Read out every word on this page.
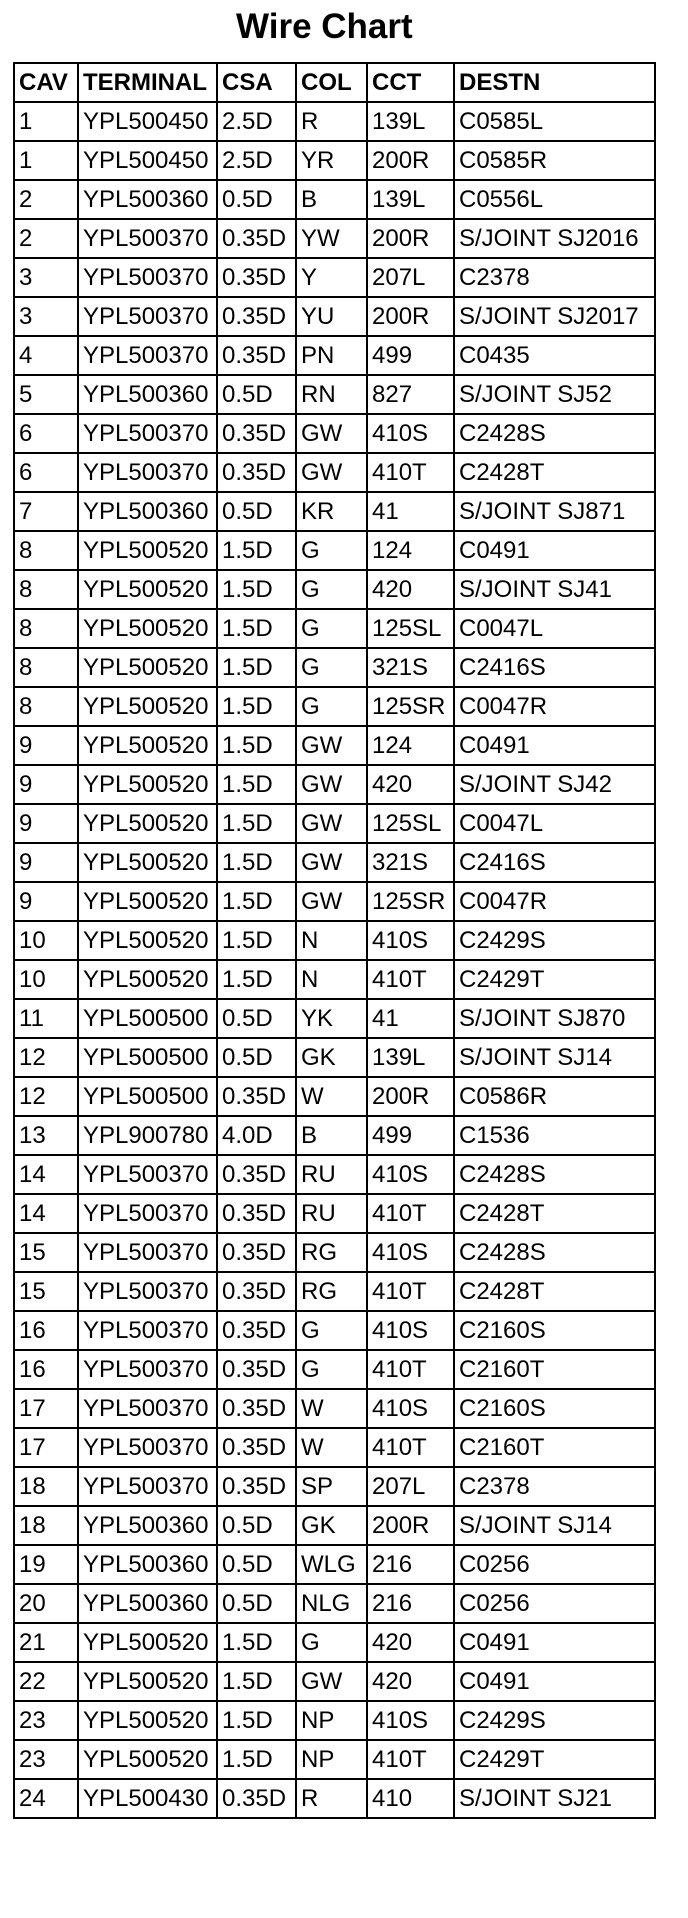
Wire Chart
CAV	TERMINAL	CSA	COL	CCT	DESTN
1	YPL500450	2.5D	R	139L	C0585L
1	YPL500450	2.5D	YR	200R	C0585R
2	YPL500360	0.5D	B	139L	C0556L
2	YPL500370	0.35D	YW	200R	S/JOINT SJ2016
3	YPL500370	0.35D	Y	207L	C2378
3	YPL500370	0.35D	YU	200R	S/JOINT SJ2017
4	YPL500370	0.35D	PN	499	C0435
5	YPL500360	0.5D	RN	827	S/JOINT SJ52
6	YPL500370	0.35D	GW	410S	C2428S
6	YPL500370	0.35D	GW	410T	C2428T
7	YPL500360	0.5D	KR	41	S/JOINT SJ871
8	YPL500520	1.5D	G	124	C0491
8	YPL500520	1.5D	G	420	S/JOINT SJ41
8	YPL500520	1.5D	G	125SL	C0047L
8	YPL500520	1.5D	G	321S	C2416S
8	YPL500520	1.5D	G	125SR	C0047R
9	YPL500520	1.5D	GW	124	C0491
9	YPL500520	1.5D	GW	420	S/JOINT SJ42
9	YPL500520	1.5D	GW	125SL	C0047L
9	YPL500520	1.5D	GW	321S	C2416S
9	YPL500520	1.5D	GW	125SR	C0047R
10	YPL500520	1.5D	N	410S	C2429S
10	YPL500520	1.5D	N	410T	C2429T
11	YPL500500	0.5D	YK	41	S/JOINT SJ870
12	YPL500500	0.5D	GK	139L	S/JOINT SJ14
12	YPL500500	0.35D	W	200R	C0586R
13	YPL900780	4.0D	B	499	C1536
14	YPL500370	0.35D	RU	410S	C2428S
14	YPL500370	0.35D	RU	410T	C2428T
15	YPL500370	0.35D	RG	410S	C2428S
15	YPL500370	0.35D	RG	410T	C2428T
16	YPL500370	0.35D	G	410S	C2160S
16	YPL500370	0.35D	G	410T	C2160T
17	YPL500370	0.35D	W	410S	C2160S
17	YPL500370	0.35D	W	410T	C2160T
18	YPL500370	0.35D	SP	207L	C2378
18	YPL500360	0.5D	GK	200R	S/JOINT SJ14
19	YPL500360	0.5D	WLG	216	C0256
20	YPL500360	0.5D	NLG	216	C0256
21	YPL500520	1.5D	G	420	C0491
22	YPL500520	1.5D	GW	420	C0491
23	YPL500520	1.5D	NP	410S	C2429S
23	YPL500520	1.5D	NP	410T	C2429T
24	YPL500430	0.35D	R	410	S/JOINT SJ21
